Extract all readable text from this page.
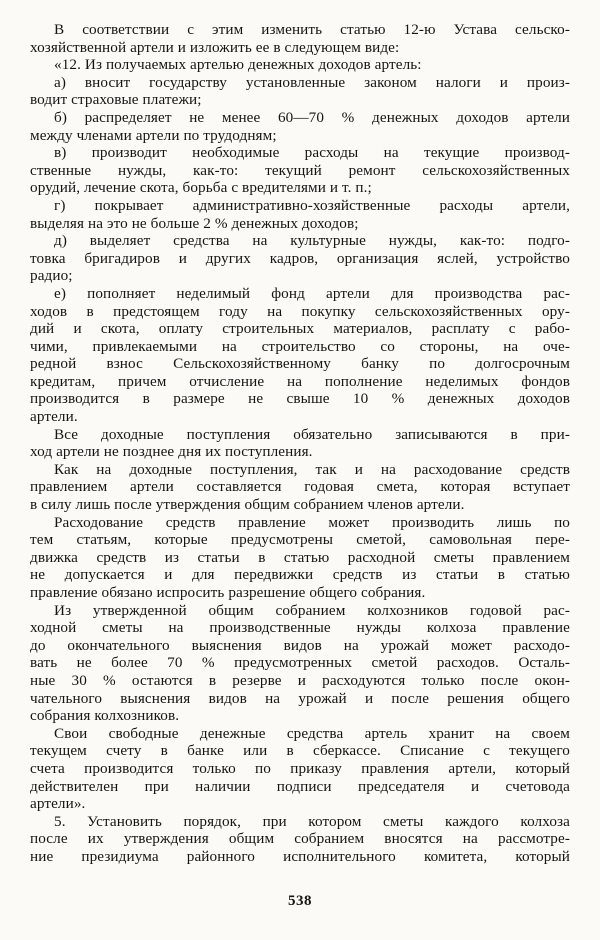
В соответствии с этим изменить статью 12-ю Устава сельско-
хозяйственной артели и изложить ее в следующем виде:
«12. Из получаемых артелью денежных доходов артель:
а) вносит государству установленные законом налоги и произ-
водит страховые платежи;
б) распределяет не менее 60—70 % денежных доходов артели
между членами артели по трудодням;
в) производит необходимые расходы на текущие производ-
ственные нужды, как-то: текущий ремонт сельскохозяйственных
орудий, лечение скота, борьба с вредителями и т. п.;
г) покрывает административно-хозяйственные расходы артели,
выделяя на это не больше 2 % денежных доходов;
д) выделяет средства на культурные нужды, как-то: подго-
товка бригадиров и других кадров, организация яслей, устройство
радио;
е) пополняет неделимый фонд артели для производства рас-
ходов в предстоящем году на покупку сельскохозяйственных ору-
дий и скота, оплату строительных материалов, расплату с рабо-
чими, привлекаемыми на строительство со стороны, на оче-
редной взнос Сельскохозяйственному банку по долгосрочным
кредитам, причем отчисление на пополнение неделимых фондов
производится в размере не свыше 10 % денежных доходов
артели.
Все доходные поступления обязательно записываются в при-
ход артели не позднее дня их поступления.
Как на доходные поступления, так и на расходование средств
правлением артели составляется годовая смета, которая вступает
в силу лишь после утверждения общим собранием членов артели.
Расходование средств правление может производить лишь по
тем статьям, которые предусмотрены сметой, самовольная пере-
движка средств из статьи в статью расходной сметы правлением
не допускается и для передвижки средств из статьи в статью
правление обязано испросить разрешение общего собрания.
Из утвержденной общим собранием колхозников годовой рас-
ходной сметы на производственные нужды колхоза правление
до окончательного выяснения видов на урожай может расходо-
вать не более 70 % предусмотренных сметой расходов. Осталь-
ные 30 % остаются в резерве и расходуются только после окон-
чательного выяснения видов на урожай и после решения общего
собрания колхозников.
Свои свободные денежные средства артель хранит на своем
текущем счету в банке или в сберкассе. Списание с текущего
счета производится только по приказу правления артели, который
действителен при наличии подписи председателя и счетовода
артели».
5. Установить порядок, при котором сметы каждого колхоза
после их утверждения общим собранием вносятся на рассмотре-
ние президиума районного исполнительного комитета, который
538
